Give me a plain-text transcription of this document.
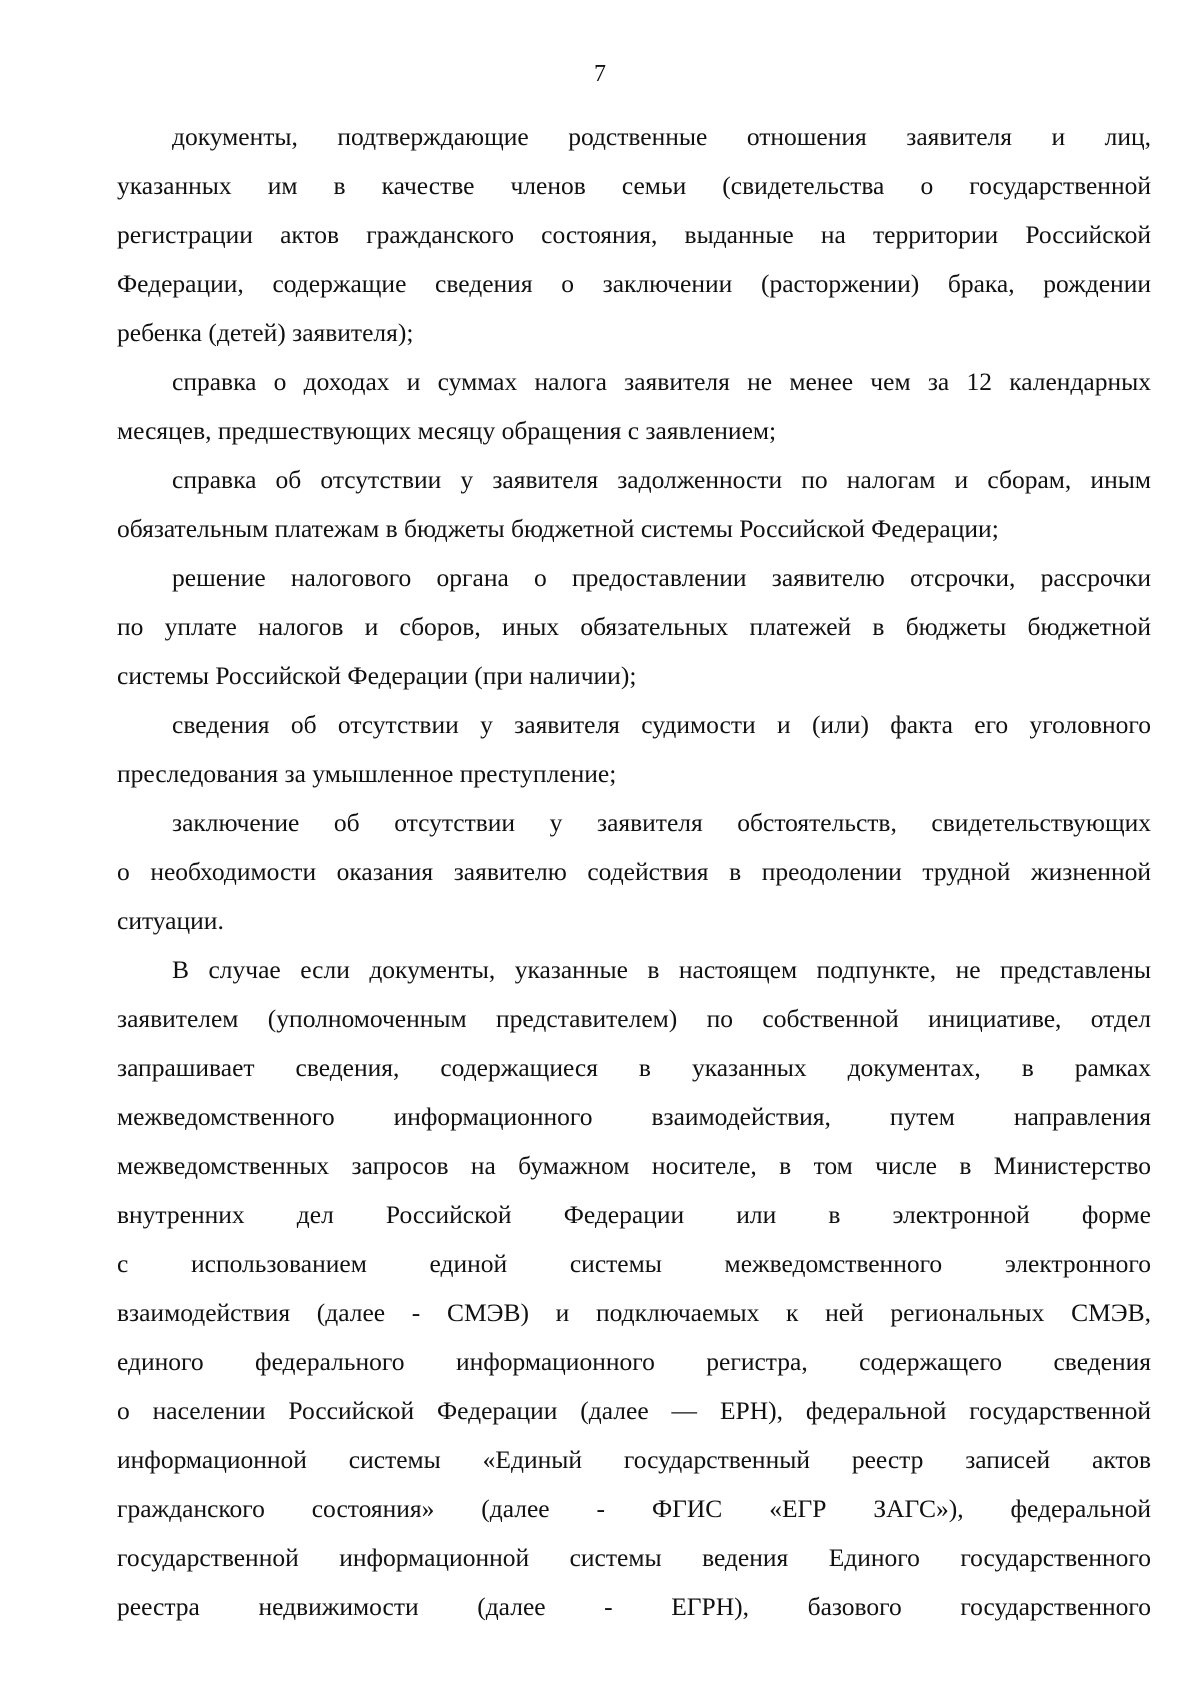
7
документы, подтверждающие родственные отношения заявителя и лиц,
указанных им в качестве членов семьи (свидетельства о государственной
регистрации актов гражданского состояния, выданные на территории Российской
Федерации, содержащие сведения о заключении (расторжении) брака, рождении
ребенка (детей) заявителя);
справка о доходах и суммах налога заявителя не менее чем за 12 календарных
месяцев, предшествующих месяцу обращения с заявлением;
справка об отсутствии у заявителя задолженности по налогам и сборам, иным
обязательным платежам в бюджеты бюджетной системы Российской Федерации;
решение налогового органа о предоставлении заявителю отсрочки, рассрочки
по уплате налогов и сборов, иных обязательных платежей в бюджеты бюджетной
системы Российской Федерации (при наличии);
сведения об отсутствии у заявителя судимости и (или) факта его уголовного
преследования за умышленное преступление;
заключение об отсутствии у заявителя обстоятельств, свидетельствующих
о необходимости оказания заявителю содействия в преодолении трудной жизненной
ситуации.
В случае если документы, указанные в настоящем подпункте, не представлены
заявителем (уполномоченным представителем) по собственной инициативе, отдел
запрашивает сведения, содержащиеся в указанных документах, в рамках
межведомственного информационного взаимодействия, путем направления
межведомственных запросов на бумажном носителе, в том числе в Министерство
внутренних дел Российской Федерации или в электронной форме
с использованием единой системы межведомственного электронного
взаимодействия (далее - СМЭВ) и подключаемых к ней региональных СМЭВ,
единого федерального информационного регистра, содержащего сведения
о населении Российской Федерации (далее — ЕРН), федеральной государственной
информационной системы «Единый государственный реестр записей актов
гражданского состояния» (далее - ФГИС «ЕГР ЗАГС»), федеральной
государственной информационной системы ведения Единого государственного
реестра недвижимости (далее - ЕГРН), базового государственного
